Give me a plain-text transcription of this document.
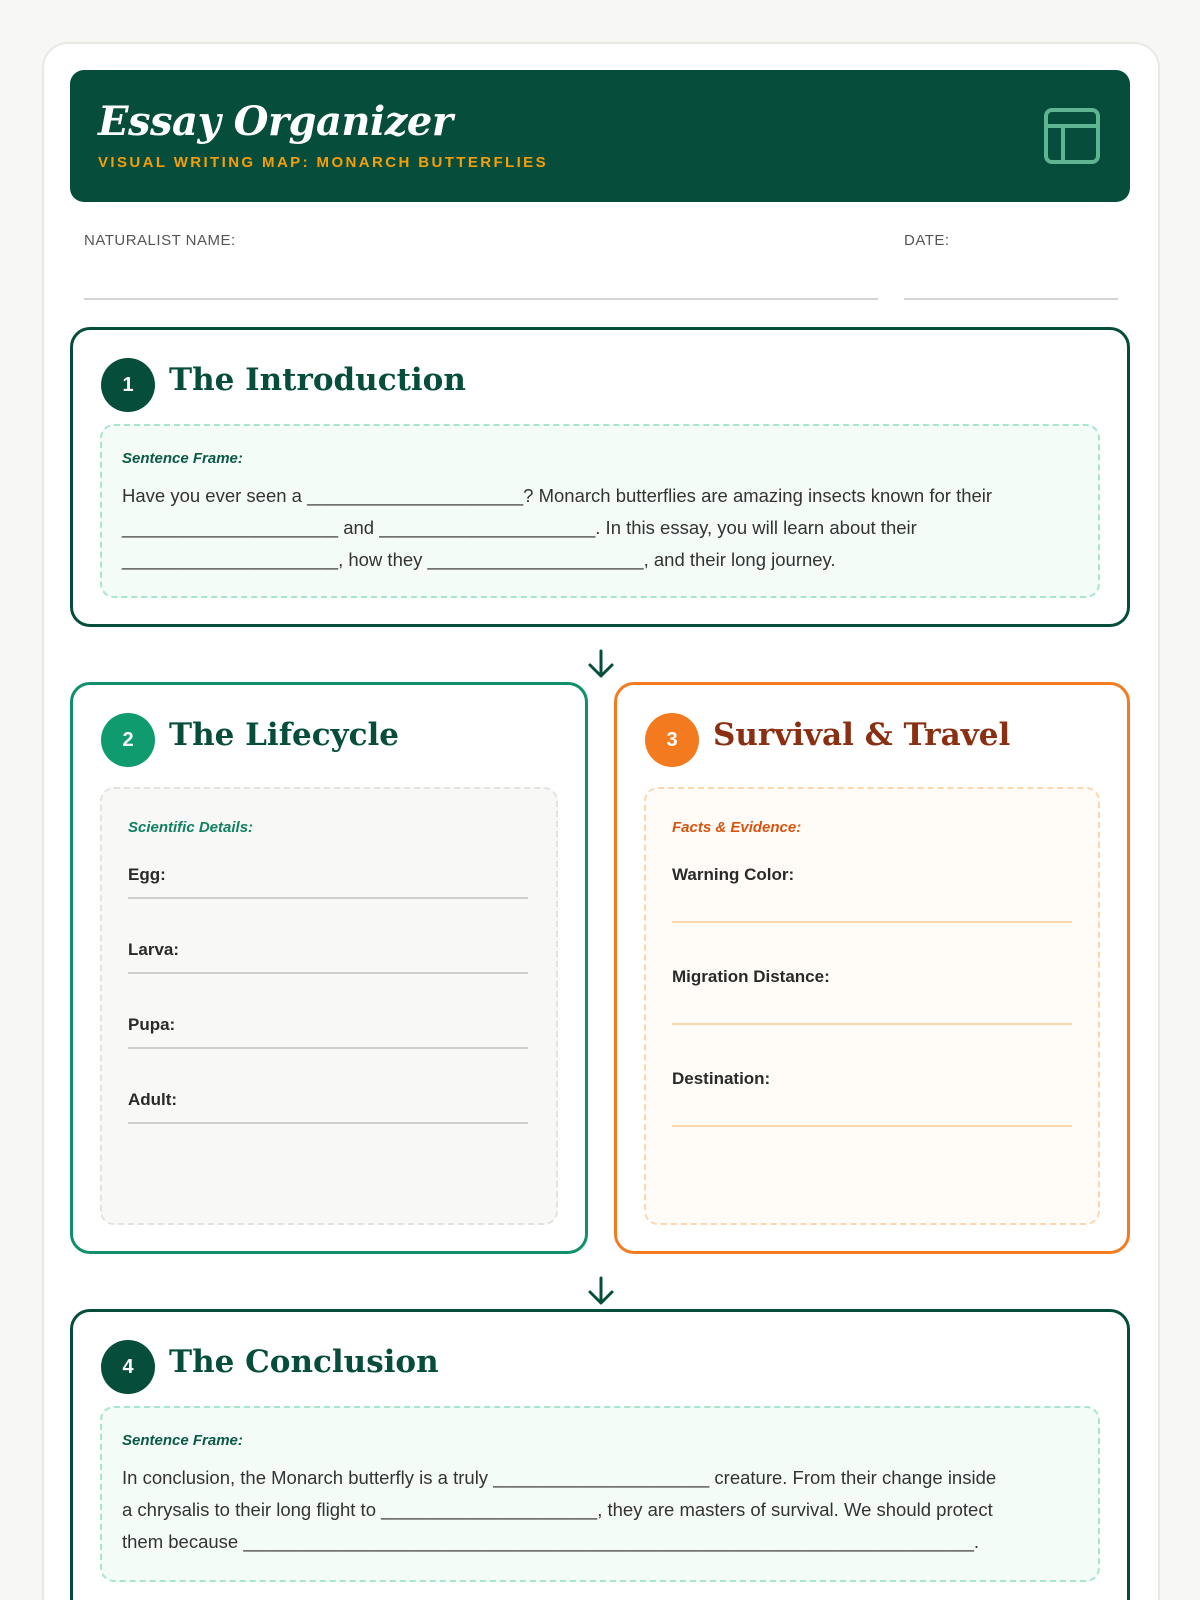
Essay Organizer
VISUAL WRITING MAP: MONARCH BUTTERFLIES
NATURALIST NAME:	DATE:
1	The Introduction
Sentence Frame:
Have you ever seen a _____________________? Monarch butterflies are amazing insects known for their
_____________________ and _____________________. In this essay, you will learn about their
_____________________, how they _____________________, and their long journey.
2	The Lifecycle
Scientific Details:
Egg:
Larva:
Pupa:
Adult:
3	Survival & Travel
Facts & Evidence:
Warning Color:
Migration Distance:
Destination:
4	The Conclusion
Sentence Frame:
In conclusion, the Monarch butterfly is a truly _____________________ creature. From their change inside
a chrysalis to their long flight to _____________________, they are masters of survival. We should protect
them because _______________________________________________________________________.
